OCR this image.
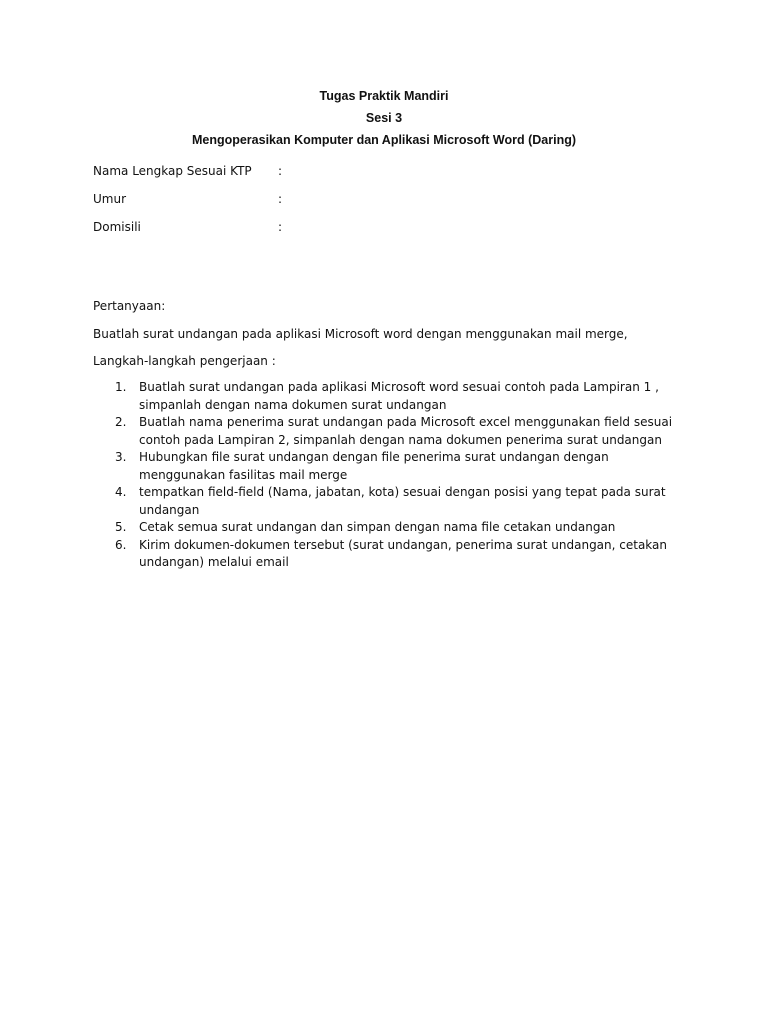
Tugas Praktik Mandiri
Sesi 3
Mengoperasikan Komputer dan Aplikasi Microsoft Word (Daring)
Nama Lengkap Sesuai KTP :
Umur	:
Domisili	:
Pertanyaan:
Buatlah surat undangan pada aplikasi Microsoft word dengan menggunakan mail merge,
Langkah-langkah pengerjaan :
1. Buatlah surat undangan pada aplikasi Microsoft word sesuai contoh pada Lampiran 1 , simpanlah dengan nama dokumen surat undangan
2. Buatlah nama penerima surat undangan pada Microsoft excel menggunakan field sesuai contoh pada Lampiran 2, simpanlah dengan nama dokumen penerima surat undangan
3. Hubungkan file surat undangan dengan file penerima surat undangan dengan menggunakan fasilitas mail merge
4. tempatkan field-field (Nama, jabatan, kota) sesuai dengan posisi yang tepat pada surat undangan
5. Cetak semua surat undangan dan simpan dengan nama file cetakan undangan
6. Kirim dokumen-dokumen tersebut (surat undangan, penerima surat undangan, cetakan undangan) melalui email
